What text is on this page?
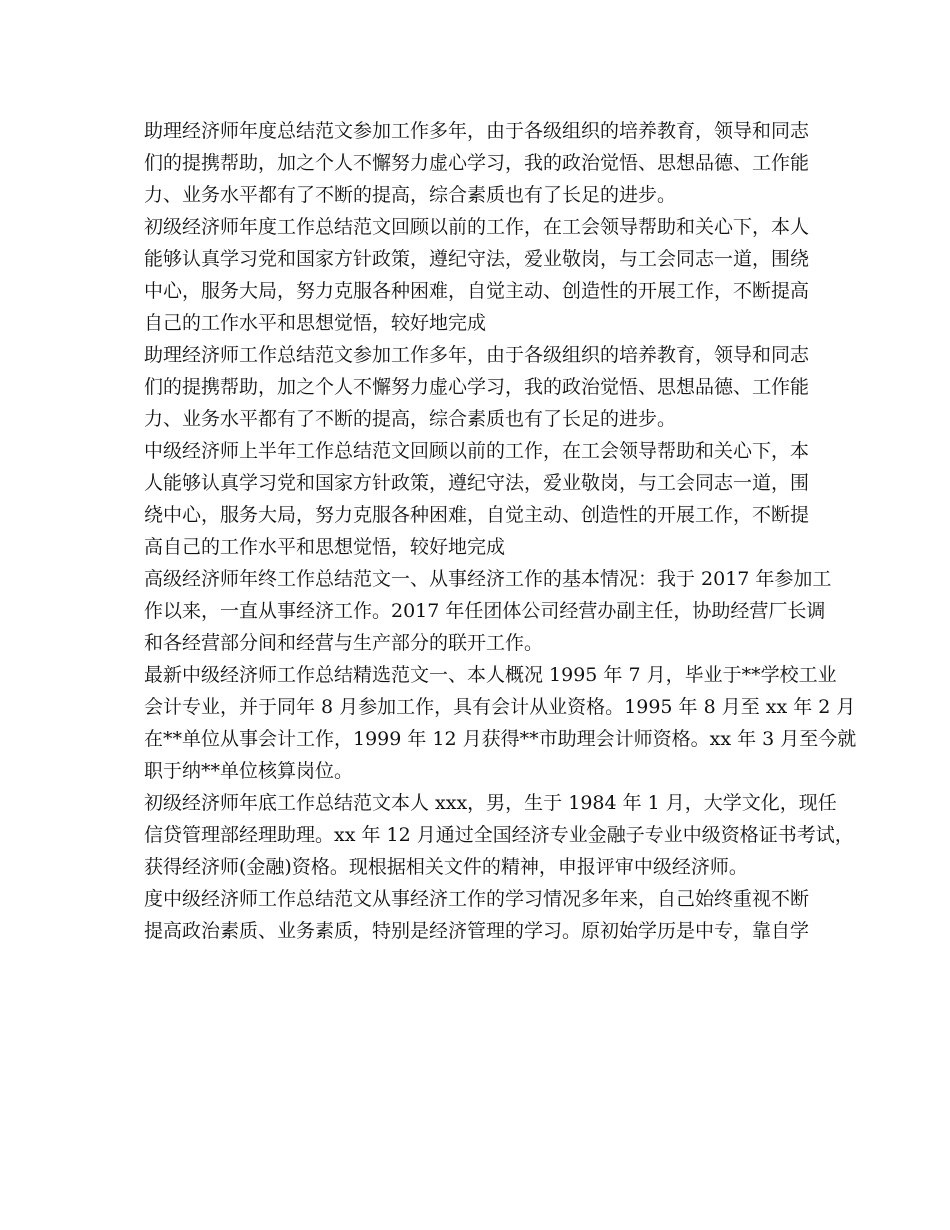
助理经济师年度总结范文参加工作多年，由于各级组织的培养教育，领导和同志
们的提携帮助，加之个人不懈努力虚心学习，我的政治觉悟、思想品德、工作能
力、业务水平都有了不断的提高，综合素质也有了长足的进步。
初级经济师年度工作总结范文回顾以前的工作，在工会领导帮助和关心下，本人
能够认真学习党和国家方针政策，遵纪守法，爱业敬岗，与工会同志一道，围绕
中心，服务大局，努力克服各种困难，自觉主动、创造性的开展工作，不断提高
自己的工作水平和思想觉悟，较好地完成
助理经济师工作总结范文参加工作多年，由于各级组织的培养教育，领导和同志
们的提携帮助，加之个人不懈努力虚心学习，我的政治觉悟、思想品德、工作能
力、业务水平都有了不断的提高，综合素质也有了长足的进步。
中级经济师上半年工作总结范文回顾以前的工作，在工会领导帮助和关心下，本
人能够认真学习党和国家方针政策，遵纪守法，爱业敬岗，与工会同志一道，围
绕中心，服务大局，努力克服各种困难，自觉主动、创造性的开展工作，不断提
高自己的工作水平和思想觉悟，较好地完成
高级经济师年终工作总结范文一、从事经济工作的基本情况：我于 2017 年参加工
作以来，一直从事经济工作。2017 年任团体公司经营办副主任，协助经营厂长调
和各经营部分间和经营与生产部分的联开工作。
最新中级经济师工作总结精选范文一、本人概况 1995 年 7 月，毕业于**学校工业
会计专业，并于同年 8 月参加工作，具有会计从业资格。1995 年 8 月至 xx 年 2 月
在**单位从事会计工作，1999 年 12 月获得**市助理会计师资格。xx 年 3 月至今就
职于纳**单位核算岗位。
初级经济师年底工作总结范文本人 xxx，男，生于 1984 年 1 月，大学文化，现任
信贷管理部经理助理。xx 年 12 月通过全国经济专业金融子专业中级资格证书考试，
获得经济师(金融)资格。现根据相关文件的精神，申报评审中级经济师。
度中级经济师工作总结范文从事经济工作的学习情况多年来，自己始终重视不断
提高政治素质、业务素质，特别是经济管理的学习。原初始学历是中专，靠自学
